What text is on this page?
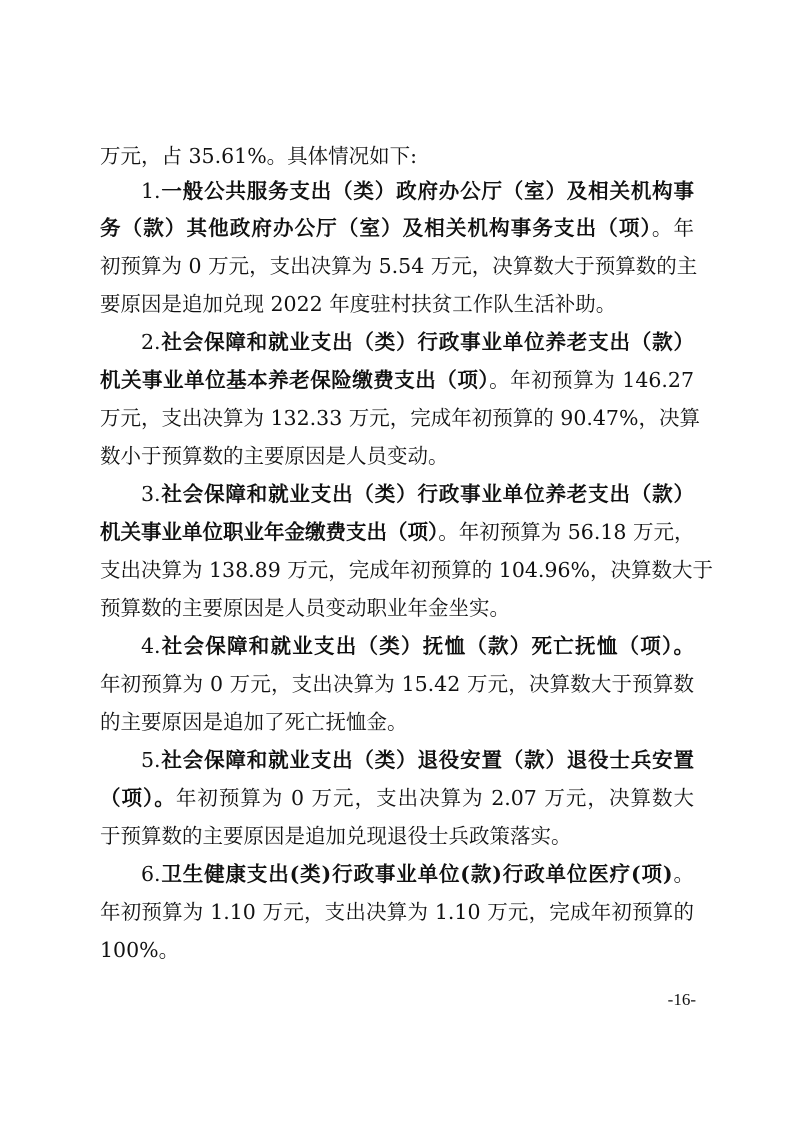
万元，占 35.61%。具体情况如下:
1.一般公共服务支出（类）政府办公厅（室）及相关机构事
务（款）其他政府办公厅（室）及相关机构事务支出（项）。年
初预算为 0 万元，支出决算为 5.54 万元，决算数大于预算数的主
要原因是追加兑现 2022 年度驻村扶贫工作队生活补助。
2.社会保障和就业支出（类）行政事业单位养老支出（款）
机关事业单位基本养老保险缴费支出（项）。年初预算为 146.27
万元，支出决算为 132.33 万元，完成年初预算的 90.47%，决算
数小于预算数的主要原因是人员变动。
3.社会保障和就业支出（类）行政事业单位养老支出（款）
机关事业单位职业年金缴费支出（项）。年初预算为 56.18 万元，
支出决算为 138.89 万元，完成年初预算的 104.96%，决算数大于
预算数的主要原因是人员变动职业年金坐实。
4.社会保障和就业支出（类）抚恤（款）死亡抚恤（项）。
年初预算为 0 万元，支出决算为 15.42 万元，决算数大于预算数
的主要原因是追加了死亡抚恤金。
5.社会保障和就业支出（类）退役安置（款）退役士兵安置
（项）。年初预算为 0 万元，支出决算为 2.07 万元，决算数大
于预算数的主要原因是追加兑现退役士兵政策落实。
6.卫生健康支出(类)行政事业单位(款)行政单位医疗(项)。
年初预算为 1.10 万元，支出决算为 1.10 万元，完成年初预算的
100%。
-16-
